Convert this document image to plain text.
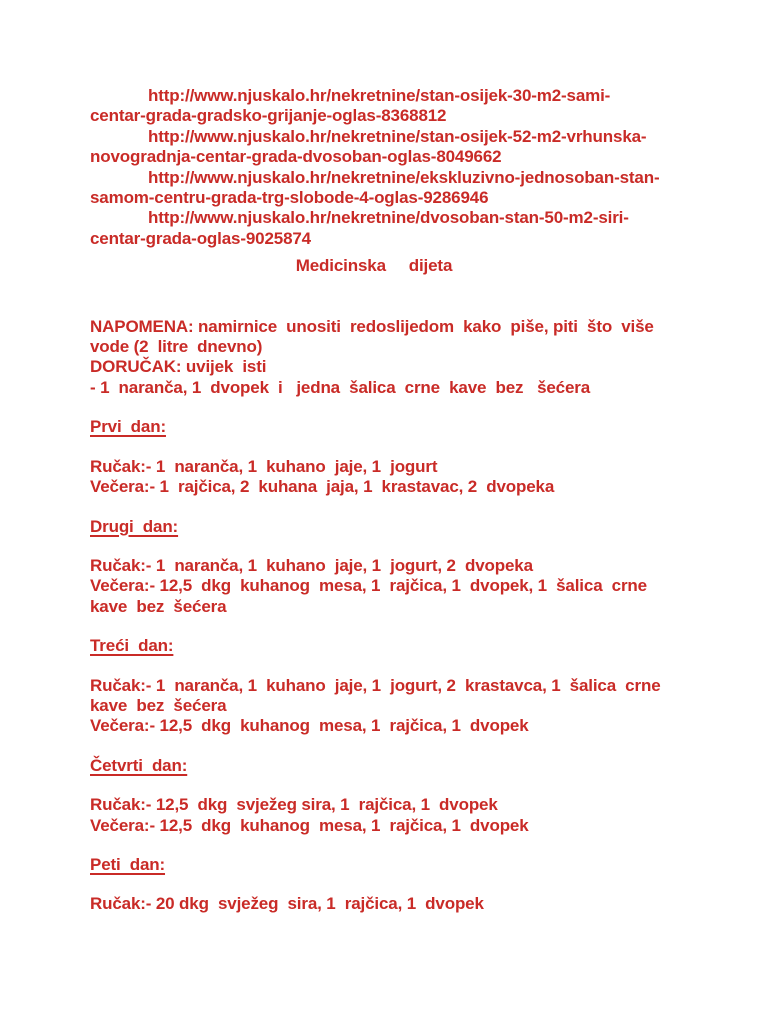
http://www.njuskalo.hr/nekretnine/stan-osijek-30-m2-sami-
centar-grada-gradsko-grijanje-oglas-8368812
http://www.njuskalo.hr/nekretnine/stan-osijek-52-m2-vrhunska-
novogradnja-centar-grada-dvosoban-oglas-8049662
http://www.njuskalo.hr/nekretnine/ekskluzivno-jednosoban-stan-
samom-centru-grada-trg-slobode-4-oglas-9286946
http://www.njuskalo.hr/nekretnine/dvosoban-stan-50-m2-siri-
centar-grada-oglas-9025874
Medicinska     dijeta
NAPOMENA: namirnice  unositi  redoslijedom  kako  piše, piti  što  više
vode (2  litre  dnevno)
DORUČAK: uvijek  isti
- 1  naranča, 1  dvopek  i   jedna  šalica  crne  kave  bez   šećera
Prvi  dan:
Ručak:- 1  naranča, 1  kuhano  jaje, 1  jogurt
Večera:- 1  rajčica, 2  kuhana  jaja, 1  krastavac, 2  dvopeka
Drugi  dan:
Ručak:- 1  naranča, 1  kuhano  jaje, 1  jogurt, 2  dvopeka
Večera:- 12,5  dkg  kuhanog  mesa, 1  rajčica, 1  dvopek, 1  šalica  crne
kave  bez  šećera
Treći  dan:
Ručak:- 1  naranča, 1  kuhano  jaje, 1  jogurt, 2  krastavca, 1  šalica  crne
kave  bez  šećera
Večera:- 12,5  dkg  kuhanog  mesa, 1  rajčica, 1  dvopek
Četvrti  dan:
Ručak:- 12,5  dkg  svježeg sira, 1  rajčica, 1  dvopek
Večera:- 12,5  dkg  kuhanog  mesa, 1  rajčica, 1  dvopek
Peti  dan:
Ručak:- 20 dkg  svježeg  sira, 1  rajčica, 1  dvopek
